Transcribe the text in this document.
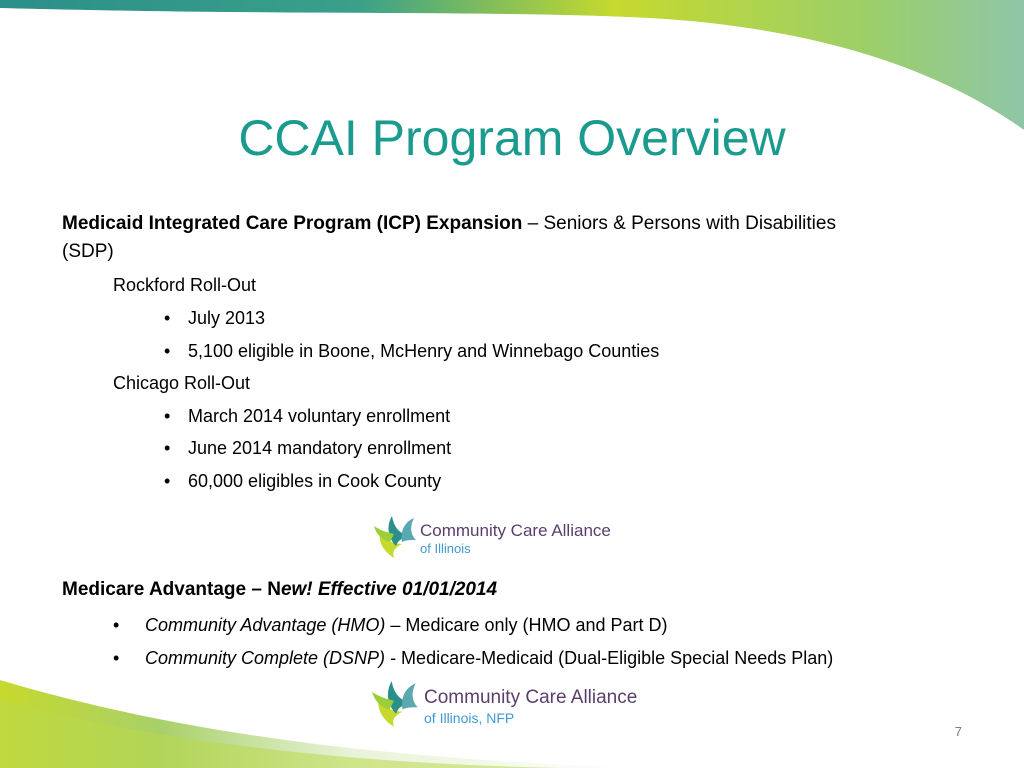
CCAI Program Overview
Medicaid Integrated Care Program (ICP) Expansion – Seniors & Persons with Disabilities
(SDP)
Rockford Roll-Out
• July 2013
• 5,100 eligible in Boone, McHenry and Winnebago Counties
Chicago Roll-Out
• March 2014 voluntary enrollment
• June 2014 mandatory enrollment
• 60,000 eligibles in Cook County
Community Care Alliance
of Illinois
Medicare Advantage – New! Effective 01/01/2014
• Community Advantage (HMO) – Medicare only (HMO and Part D)
• Community Complete (DSNP) - Medicare-Medicaid (Dual-Eligible Special Needs Plan)
Community Care Alliance
of Illinois, NFP
7
